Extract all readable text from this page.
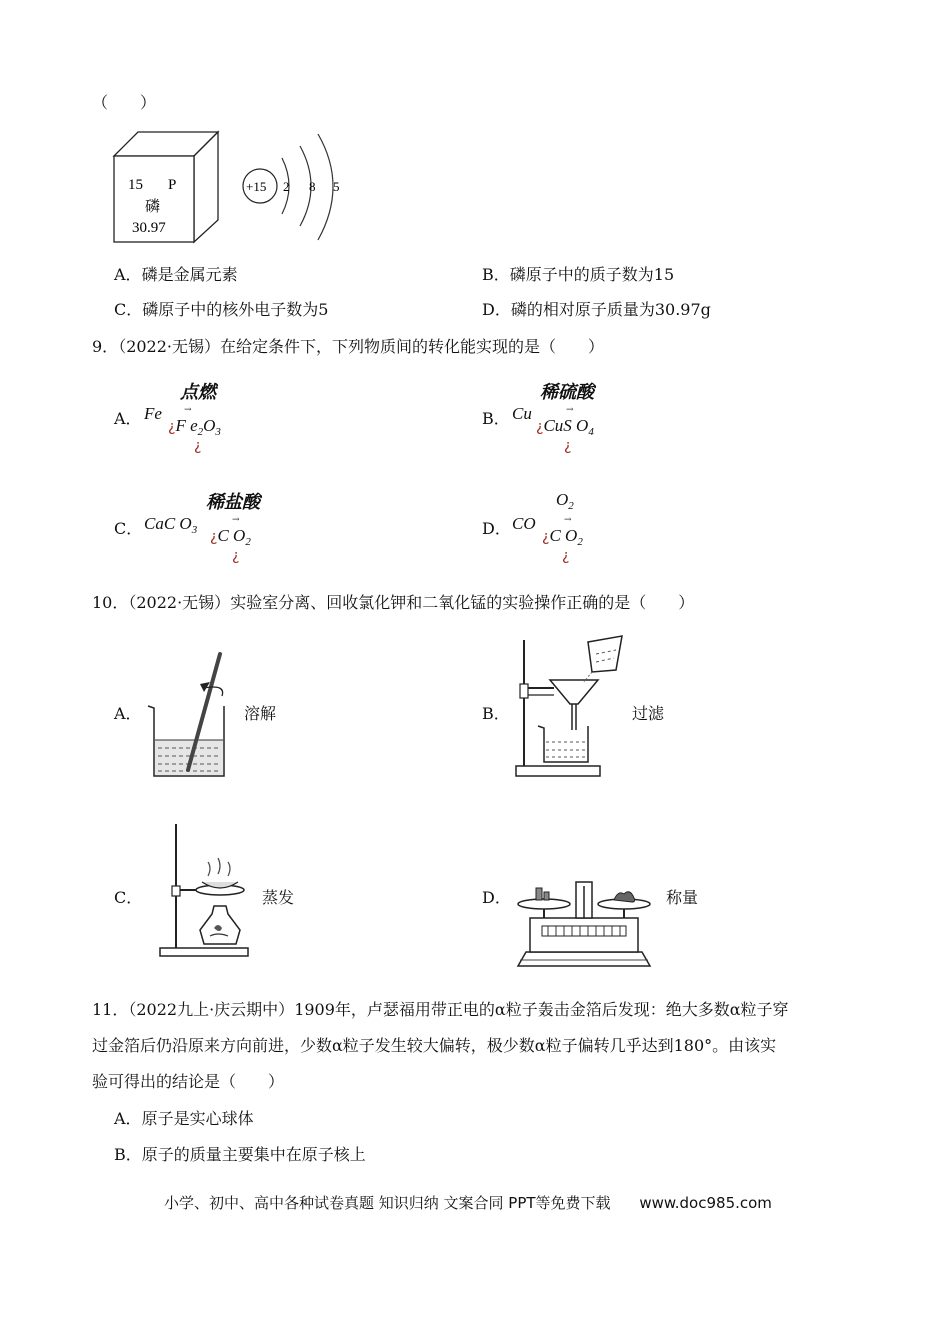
（　　）
15 P
磷
30.97
+15 2 8 5
A．磷是金属元素	B．磷原子中的质子数为15
C．磷原子中的核外电子数为5	D．磷的相对原子质量为30.97g
9．（2022·无锡）在给定条件下，下列物质间的转化能实现的是（　　）
A．
点燃
Fe →
¿F $e_2O_3$
¿
B．
稀硫酸
Cu	→
¿CuS $O_4$
¿
C．
稀盐酸
CaC $O_3$
→
¿C $O_2$
¿
D．
$O_2$
CO	→
¿C $O_2$
¿
10．（2022·无锡）实验室分离、回收氯化钾和二氧化锰的实验操作正确的是（　　）
A．	溶解	B．	过滤
C．	蒸发	D．	称量
11．（2022九上·庆云期中）1909年，卢瑟福用带正电的α粒子轰击金箔后发现：绝大多数α粒子穿
过金箔后仍沿原来方向前进，少数α粒子发生较大偏转，极少数α粒子偏转几乎达到180°。由该实
验可得出的结论是（　　）
A．原子是实心球体
B．原子的质量主要集中在原子核上
小学、初中、高中各种试卷真题 知识归纳 文案合同 PPT等免费下载 www.doc985.com
